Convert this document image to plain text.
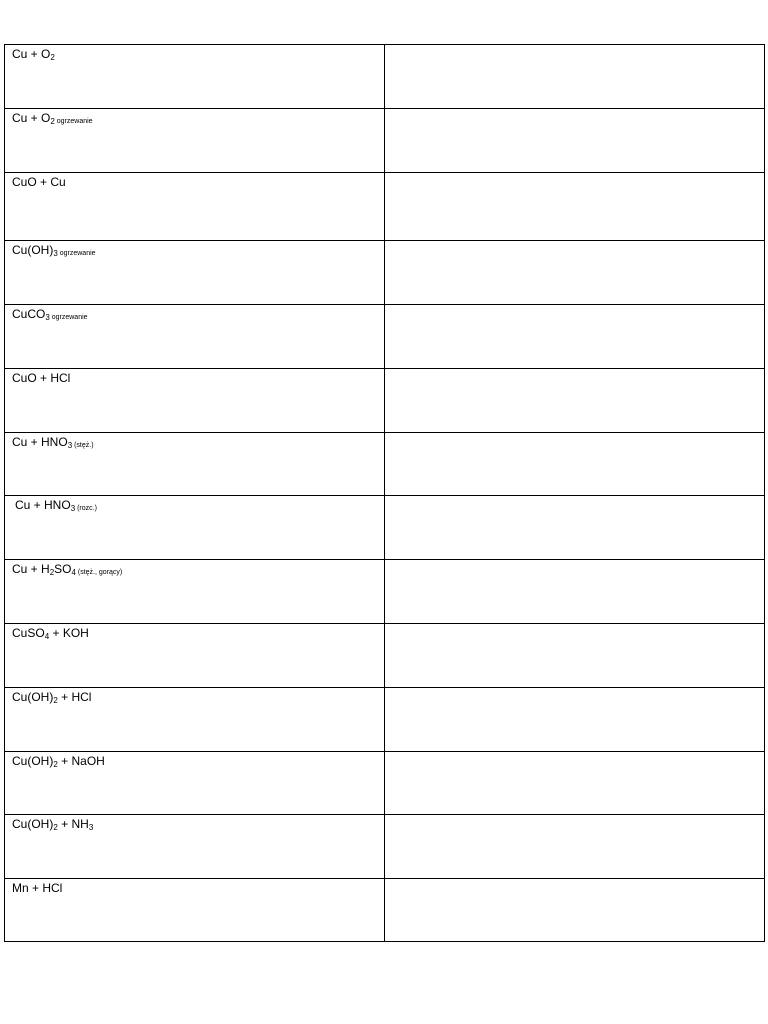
$Cu + O_2$	
$Cu + O_2$ ogrzewanie	
CuO + Cu	
$Cu(OH)_3$ ogrzewanie	
CuCO$_3$ ogrzewanie	
CuO + HCl	
$Cu + HNO_3$ (stęż.)	
$Cu + HNO_3$ (rozc.)	
$Cu + H_2SO_4$ (stęż., gorący)	
CuSO$_4$ + KOH	
$Cu(OH)_2$ + HCl	
$Cu(OH)_2$ + NaOH	
$Cu(OH)_2 + NH_3$	
Mn + HCl	
